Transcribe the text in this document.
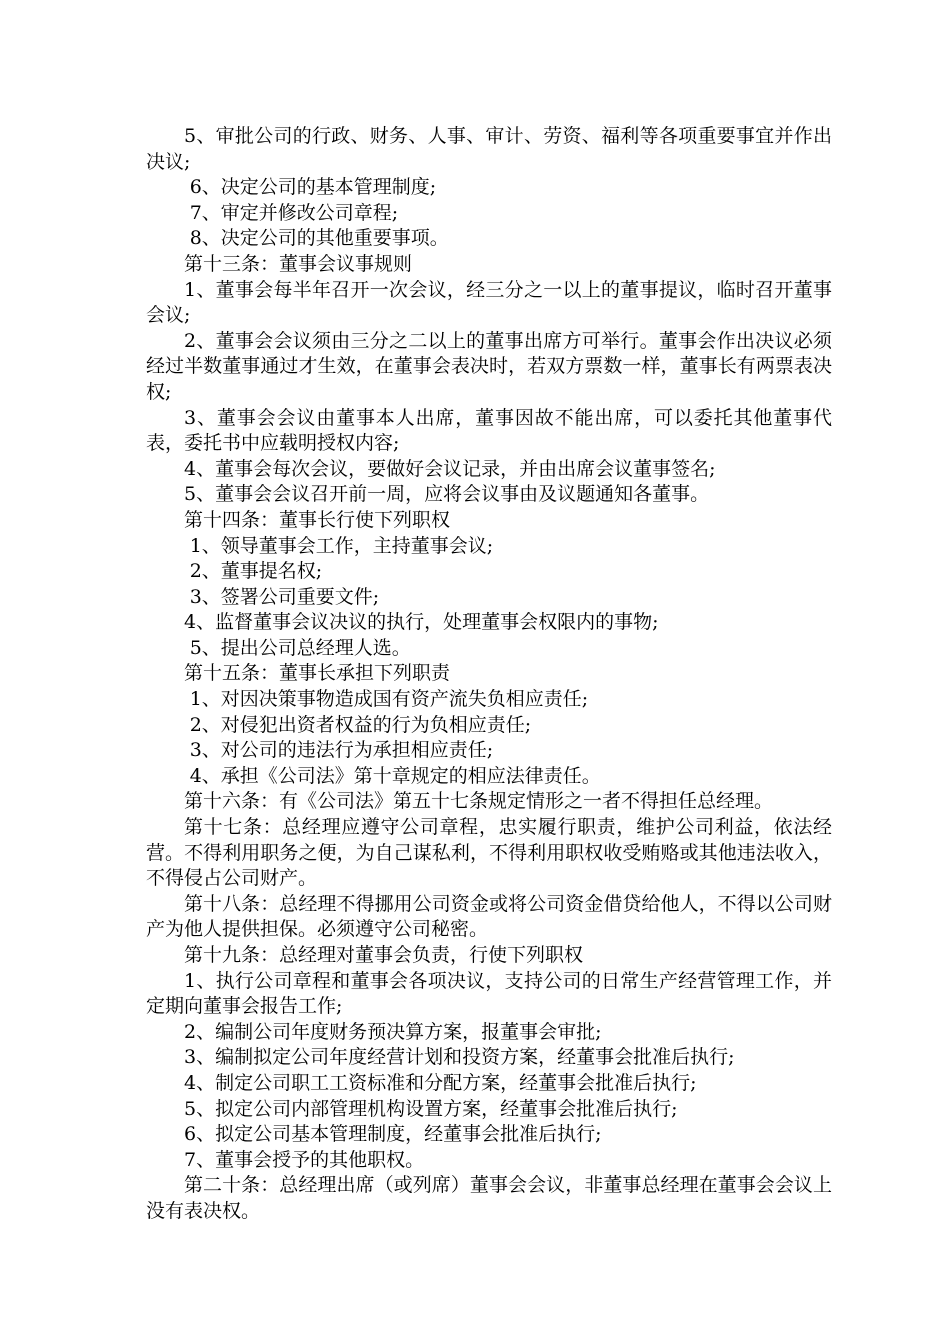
5、审批公司的行政、财务、人事、审计、劳资、福利等各项重要事宜并作出决议;

6、决定公司的基本管理制度;

7、审定并修改公司章程;

8、决定公司的其他重要事项。

第十三条：董事会议事规则

1、董事会每半年召开一次会议，经三分之一以上的董事提议，临时召开董事会议;

2、董事会会议须由三分之二以上的董事出席方可举行。董事会作出决议必须经过半数董事通过才生效，在董事会表决时，若双方票数一样，董事长有两票表决权;

3、董事会会议由董事本人出席，董事因故不能出席，可以委托其他董事代表，委托书中应载明授权内容;

4、董事会每次会议，要做好会议记录，并由出席会议董事签名;

5、董事会会议召开前一周，应将会议事由及议题通知各董事。

第十四条：董事长行使下列职权

1、领导董事会工作，主持董事会议;

2、董事提名权;

3、签署公司重要文件;

4、监督董事会议决议的执行，处理董事会权限内的事物;

5、提出公司总经理人选。

第十五条：董事长承担下列职责

1、对因决策事物造成国有资产流失负相应责任;

2、对侵犯出资者权益的行为负相应责任;

3、对公司的违法行为承担相应责任;

4、承担《公司法》第十章规定的相应法律责任。

第十六条：有《公司法》第五十七条规定情形之一者不得担任总经理。

第十七条：总经理应遵守公司章程，忠实履行职责，维护公司利益，依法经营。不得利用职务之便，为自己谋私利，不得利用职权收受贿赂或其他违法收入，不得侵占公司财产。

第十八条：总经理不得挪用公司资金或将公司资金借贷给他人，不得以公司财产为他人提供担保。必须遵守公司秘密。

第十九条：总经理对董事会负责，行使下列职权

1、执行公司章程和董事会各项决议，支持公司的日常生产经营管理工作，并定期向董事会报告工作;

2、编制公司年度财务预决算方案，报董事会审批;

3、编制拟定公司年度经营计划和投资方案，经董事会批准后执行;

4、制定公司职工工资标准和分配方案，经董事会批准后执行;

5、拟定公司内部管理机构设置方案，经董事会批准后执行;

6、拟定公司基本管理制度，经董事会批准后执行;

7、董事会授予的其他职权。

第二十条：总经理出席（或列席）董事会会议，非董事总经理在董事会会议上没有表决权。
